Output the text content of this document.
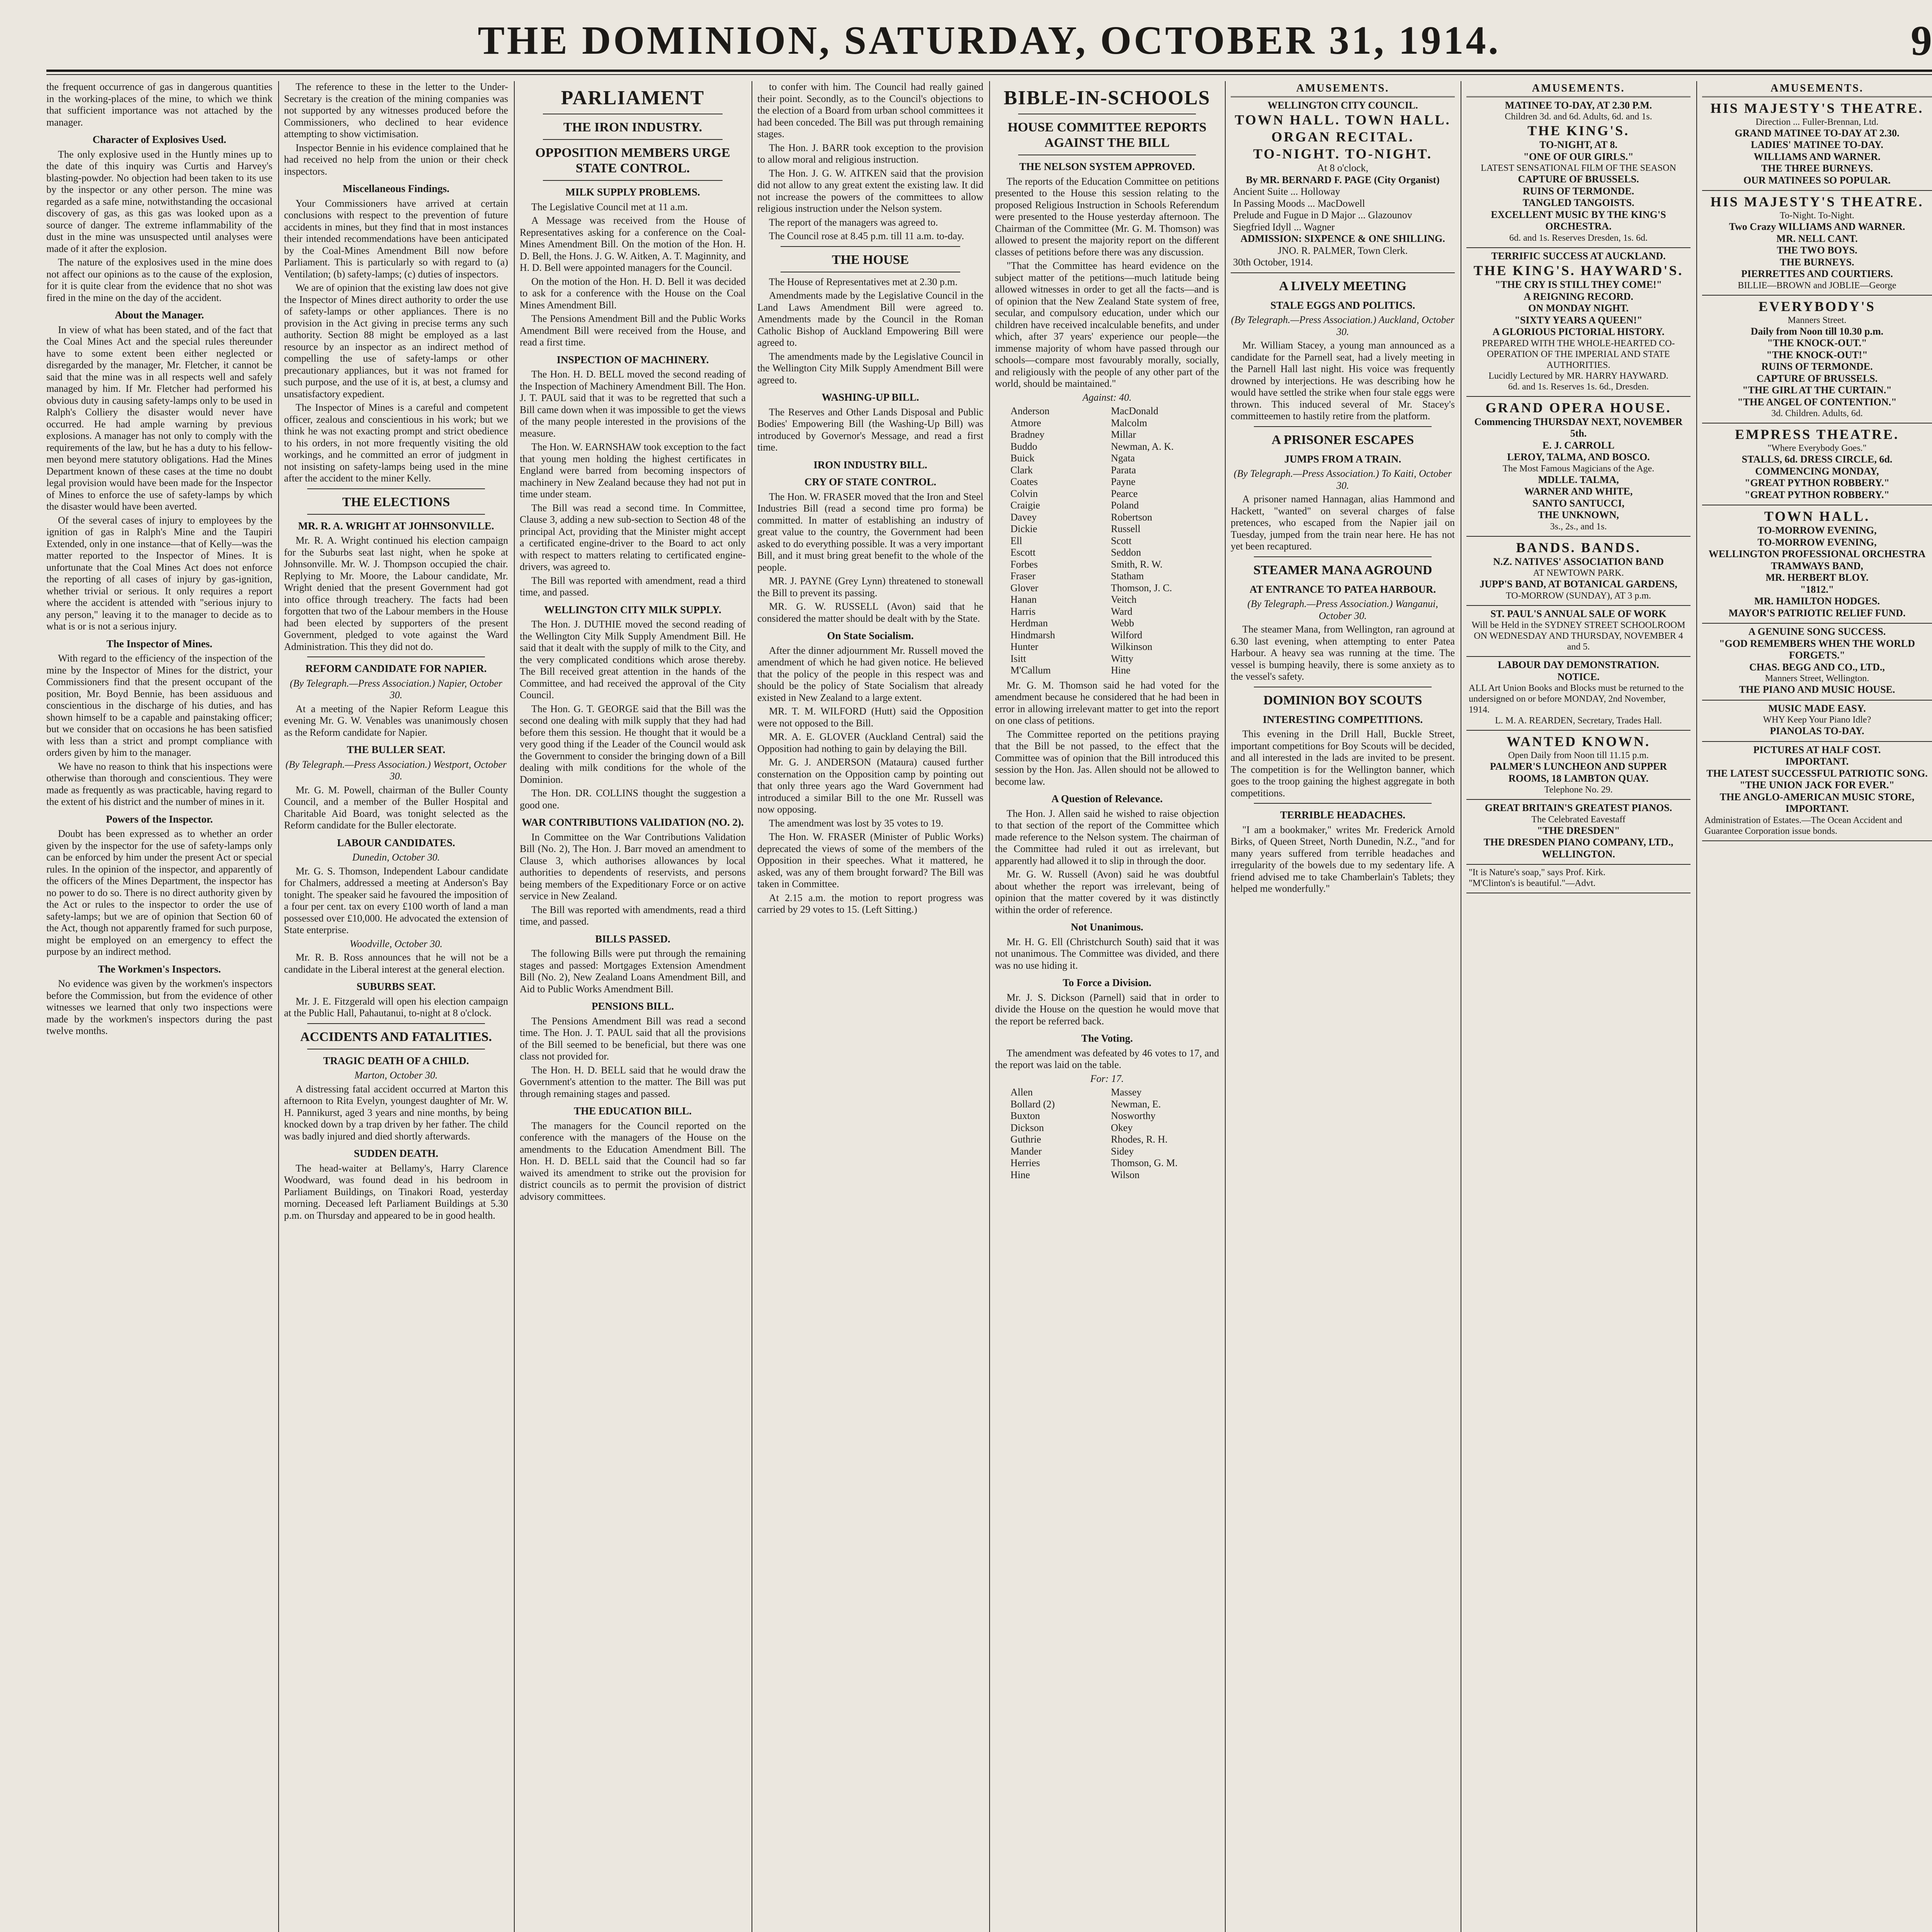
THE DOMINION, SATURDAY, OCTOBER 31, 1914.	9

the frequent occurrence of gas in dangerous quantities in the working-places of the mine, to which we think that sufficient importance was not attached by the manager.

Character of Explosives Used.

The only explosive used in the Huntly mines up to the date of this inquiry was Curtis and Harvey's blasting-powder. No objection had been taken to its use by the inspector or any other person. The mine was regarded as a safe mine, notwithstanding the occasional discovery of gas, as this gas was looked upon as a source of danger. The extreme inflammability of the dust in the mine was unsuspected until analyses were made of it after the explosion.

The nature of the explosives used in the mine does not affect our opinions as to the cause of the explosion, for it is quite clear from the evidence that no shot was fired in the mine on the day of the accident.

About the Manager.

In view of what has been stated, and of the fact that the Coal Mines Act and the special rules thereunder have to some extent been either neglected or disregarded by the manager, Mr. Fletcher, it cannot be said that the mine was in all respects well and safely managed by him. If Mr. Fletcher had performed his obvious duty in causing safety-lamps only to be used in Ralph's Colliery the disaster would never have occurred. He had ample warning by previous explosions. A manager has not only to comply with the requirements of the law, but he has a duty to his fellow-men beyond mere statutory obligations. Had the Mines Department known of these cases at the time no doubt legal provision would have been made for the Inspector of Mines to enforce the use of safety-lamps by which the disaster would have been averted.

Of the several cases of injury to employees by the ignition of gas in Ralph's Mine and the Taupiri Extended, only in one instance—that of Kelly—was the matter reported to the Inspector of Mines. It is unfortunate that the Coal Mines Act does not enforce the reporting of all cases of injury by gas-ignition, whether trivial or serious. It only requires a report where the accident is attended with "serious injury to any person," leaving it to the manager to decide as to what is or is not a serious injury.

The Inspector of Mines.

With regard to the efficiency of the inspection of the mine by the Inspector of Mines for the district, your Commissioners find that the present occupant of the position, Mr. Boyd Bennie, has been assiduous and conscientious in the discharge of his duties, and has shown himself to be a capable and painstaking officer; but we consider that on occasions he has been satisfied with less than a strict and prompt compliance with orders given by him to the manager.

We have no reason to think that his inspections were otherwise than thorough and conscientious. They were made as frequently as was practicable, having regard to the extent of his district and the number of mines in it.

Powers of the Inspector.

Doubt has been expressed as to whether an order given by the inspector for the use of safety-lamps only can be enforced by him under the present Act or special rules. In the opinion of the inspector, and apparently of the officers of the Mines Department, the inspector has no power to do so. There is no direct authority given by the Act or rules to the inspector to order the use of safety-lamps; but we are of opinion that Section 60 of the Act, though not apparently framed for such purpose, might be employed on an emergency to effect the purpose by an indirect method.

The Workmen's Inspectors.

No evidence was given by the workmen's inspectors before the Commission, but from the evidence of other witnesses we learned that only two inspections were made by the workmen's inspectors during the past twelve months.

The reference to these in the letter to the Under-Secretary is the creation of the mining companies was not supported by any witnesses produced before the Commissioners, who declined to hear evidence attempting to show victimisation.

Inspector Bennie in his evidence complained that he had received no help from the union or their check inspectors.

Miscellaneous Findings.

Your Commissioners have arrived at certain conclusions with respect to the prevention of future accidents in mines, but they find that in most instances their intended recommendations have been anticipated by the Coal-Mines Amendment Bill now before Parliament. This is particularly so with regard to (a) Ventilation; (b) safety-lamps; (c) duties of inspectors.

We are of opinion that the existing law does not give the Inspector of Mines direct authority to order the use of safety-lamps or other appliances. There is no provision in the Act giving in precise terms any such authority. Section 88 might be employed as a last resource by an inspector as an indirect method of compelling the use of safety-lamps or other precautionary appliances, but it was not framed for such purpose, and the use of it is, at best, a clumsy and unsatisfactory expedient.

The Inspector of Mines is a careful and competent officer, zealous and conscientious in his work; but we think he was not exacting prompt and strict obedience to his orders, in not more frequently visiting the old workings, and he committed an error of judgment in not insisting on safety-lamps being used in the mine after the accident to the miner Kelly.

THE ELECTIONS
MR. R. A. WRIGHT AT JOHNSONVILLE.

Mr. R. A. Wright continued his election campaign for the Suburbs seat last night, when he spoke at Johnsonville. Mr. W. J. Thompson occupied the chair. Replying to Mr. Moore, the Labour candidate, Mr. Wright denied that the present Government had got into office through treachery. The facts had been forgotten that two of the Labour members in the House had been elected by supporters of the present Government, pledged to vote against the Ward Administration. This they did not do.

REFORM CANDIDATE FOR NAPIER.

(By Telegraph.—Press Association.) Napier, October 30.

At a meeting of the Napier Reform League this evening Mr. G. W. Venables was unanimously chosen as the Reform candidate for Napier.

THE BULLER SEAT.

(By Telegraph.—Press Association.) Westport, October 30.

Mr. G. M. Powell, chairman of the Buller County Council, and a member of the Buller Hospital and Charitable Aid Board, was tonight selected as the Reform candidate for the Buller electorate.

LABOUR CANDIDATES.

Dunedin, October 30.

Mr. G. S. Thomson, Independent Labour candidate for Chalmers, addressed a meeting at Anderson's Bay tonight. The speaker said he favoured the imposition of a four per cent. tax on every £100 worth of land a man possessed over £10,000. He advocated the extension of State enterprise.

Woodville, October 30.

Mr. R. B. Ross announces that he will not be a candidate in the Liberal interest at the general election.

SUBURBS SEAT.

Mr. J. E. Fitzgerald will open his election campaign at the Public Hall, Pahautanui, to-night at 8 o'clock.

ACCIDENTS AND FATALITIES.
TRAGIC DEATH OF A CHILD.

Marton, October 30.

A distressing fatal accident occurred at Marton this afternoon to Rita Evelyn, youngest daughter of Mr. W. H. Pannikurst, aged 3 years and nine months, by being knocked down by a trap driven by her father. The child was badly injured and died shortly afterwards.

SUDDEN DEATH.

The head-waiter at Bellamy's, Harry Clarence Woodward, was found dead in his bedroom in Parliament Buildings, on Tinakori Road, yesterday morning. Deceased left Parliament Buildings at 5.30 p.m. on Thursday and appeared to be in good health.

PARLIAMENT
THE IRON INDUSTRY.
OPPOSITION MEMBERS URGE STATE CONTROL.
MILK SUPPLY PROBLEMS.

The Legislative Council met at 11 a.m.

A Message was received from the House of Representatives asking for a conference on the Coal-Mines Amendment Bill. On the motion of the Hon. H. D. Bell, the Hons. J. G. W. Aitken, A. T. Maginnity, and H. D. Bell were appointed managers for the Council.

On the motion of the Hon. H. D. Bell it was decided to ask for a conference with the House on the Coal Mines Amendment Bill.

The Pensions Amendment Bill and the Public Works Amendment Bill were received from the House, and read a first time.

INSPECTION OF MACHINERY.

The Hon. H. D. BELL moved the second reading of the Inspection of Machinery Amendment Bill. The Hon. J. T. PAUL said that it was to be regretted that such a Bill came down when it was impossible to get the views of the many people interested in the provisions of the measure.

The Hon. W. EARNSHAW took exception to the fact that young men holding the highest certificates in England were barred from becoming inspectors of machinery in New Zealand because they had not put in time under steam.

The Bill was read a second time. In Committee, Clause 3, adding a new sub-section to Section 48 of the principal Act, providing that the Minister might accept a certificated engine-driver to the Board to act only with respect to matters relating to certificated engine-drivers, was agreed to.

The Bill was reported with amendment, read a third time, and passed.

WELLINGTON CITY MILK SUPPLY.

The Hon. J. DUTHIE moved the second reading of the Wellington City Milk Supply Amendment Bill. He said that it dealt with the supply of milk to the City, and the very complicated conditions which arose thereby. The Bill received great attention in the hands of the Committee, and had received the approval of the City Council.

The Hon. G. T. GEORGE said that the Bill was the second one dealing with milk supply that they had had before them this session. He thought that it would be a very good thing if the Leader of the Council would ask the Government to consider the bringing down of a Bill dealing with milk conditions for the whole of the Dominion.

The Hon. DR. COLLINS thought the suggestion a good one.

WAR CONTRIBUTIONS VALIDATION (NO. 2).

In Committee on the War Contributions Validation Bill (No. 2), The Hon. J. Barr moved an amendment to Clause 3, which authorises allowances by local authorities to dependents of reservists, and persons being members of the Expeditionary Force or on active service in New Zealand.

The Bill was reported with amendments, read a third time, and passed.

BILLS PASSED.

The following Bills were put through the remaining stages and passed: Mortgages Extension Amendment Bill (No. 2), New Zealand Loans Amendment Bill, and Aid to Public Works Amendment Bill.

PENSIONS BILL.

The Pensions Amendment Bill was read a second time. The Hon. J. T. PAUL said that all the provisions of the Bill seemed to be beneficial, but there was one class not provided for.

The Hon. H. D. BELL said that he would draw the Government's attention to the matter. The Bill was put through remaining stages and passed.

THE EDUCATION BILL.

The managers for the Council reported on the conference with the managers of the House on the amendments to the Education Amendment Bill. The Hon. H. D. BELL said that the Council had so far waived its amendment to strike out the provision for district councils as to permit the provision of district advisory committees.

to confer with him. The Council had really gained their point. Secondly, as to the Council's objections to the election of a Board from urban school committees it had been conceded. The Bill was put through remaining stages.

The Hon. J. BARR took exception to the provision to allow moral and religious instruction.

The Hon. J. G. W. AITKEN said that the provision did not allow to any great extent the existing law. It did not increase the powers of the committees to allow religious instruction under the Nelson system.

The report of the managers was agreed to.

The Council rose at 8.45 p.m. till 11 a.m. to-day.

THE HOUSE

The House of Representatives met at 2.30 p.m.

Amendments made by the Legislative Council in the Land Laws Amendment Bill were agreed to. Amendments made by the Council in the Roman Catholic Bishop of Auckland Empowering Bill were agreed to.

The amendments made by the Legislative Council in the Wellington City Milk Supply Amendment Bill were agreed to.

WASHING-UP BILL.

The Reserves and Other Lands Disposal and Public Bodies' Empowering Bill (the Washing-Up Bill) was introduced by Governor's Message, and read a first time.

IRON INDUSTRY BILL.
CRY OF STATE CONTROL.

The Hon. W. FRASER moved that the Iron and Steel Industries Bill (read a second time pro forma) be committed. In matter of establishing an industry of great value to the country, the Government had been asked to do everything possible. It was a very important Bill, and it must bring great benefit to the whole of the people.

MR. J. PAYNE (Grey Lynn) threatened to stonewall the Bill to prevent its passing.

MR. G. W. RUSSELL (Avon) said that he considered the matter should be dealt with by the State.

On State Socialism.

After the dinner adjournment Mr. Russell moved the amendment of which he had given notice. He believed that the policy of the people in this respect was and should be the policy of State Socialism that already existed in New Zealand to a large extent.

MR. T. M. WILFORD (Hutt) said the Opposition were not opposed to the Bill.

MR. A. E. GLOVER (Auckland Central) said the Opposition had nothing to gain by delaying the Bill.

Mr. G. J. ANDERSON (Mataura) caused further consternation on the Opposition camp by pointing out that only three years ago the Ward Government had introduced a similar Bill to the one Mr. Russell was now opposing.

The amendment was lost by 35 votes to 19.

The Hon. W. FRASER (Minister of Public Works) deprecated the views of some of the members of the Opposition in their speeches. What it mattered, he asked, was any of them brought forward? The Bill was taken in Committee.

At 2.15 a.m. the motion to report progress was carried by 29 votes to 15. (Left Sitting.)

BIBLE-IN-SCHOOLS
HOUSE COMMITTEE REPORTS AGAINST THE BILL
THE NELSON SYSTEM APPROVED.

The reports of the Education Committee on petitions presented to the House this session relating to the proposed Religious Instruction in Schools Referendum were presented to the House yesterday afternoon. The Chairman of the Committee (Mr. G. M. Thomson) was allowed to present the majority report on the different classes of petitions before there was any discussion.

"That the Committee has heard evidence on the subject matter of the petitions—much latitude being allowed witnesses in order to get all the facts—and is of opinion that the New Zealand State system of free, secular, and compulsory education, under which our children have received incalculable benefits, and under which, after 37 years' experience our people—the immense majority of whom have passed through our schools—compare most favourably morally, socially, and religiously with the people of any other part of the world, should be maintained."

Against: 40.

Anderson
Atmore
Bradney
Buddo
Buick
Clark
Coates
Colvin
Craigie
Davey
Dickie
Ell
Escott
Forbes
Fraser
Glover
Hanan
Harris
Herdman
Hindmarsh
Hunter
Isitt
M'Callum
MacDonald
Malcolm
Millar
Newman, A. K.
Ngata
Parata
Payne
Pearce
Poland
Robertson
Russell
Scott
Seddon
Smith, R. W.
Statham
Thomson, J. C.
Veitch
Ward
Webb
Wilford
Wilkinson
Witty
Hine

Mr. G. M. Thomson said he had voted for the amendment because he considered that he had been in error in allowing irrelevant matter to get into the report on one class of petitions.

The Committee reported on the petitions praying that the Bill be not passed, to the effect that the Committee was of opinion that the Bill introduced this session by the Hon. Jas. Allen should not be allowed to become law.

A Question of Relevance.

The Hon. J. Allen said he wished to raise objection to that section of the report of the Committee which made reference to the Nelson system. The chairman of the Committee had ruled it out as irrelevant, but apparently had allowed it to slip in through the door.

Mr. G. W. Russell (Avon) said he was doubtful about whether the report was irrelevant, being of opinion that the matter covered by it was distinctly within the order of reference.

Not Unanimous.

Mr. H. G. Ell (Christchurch South) said that it was not unanimous. The Committee was divided, and there was no use hiding it.

To Force a Division.

Mr. J. S. Dickson (Parnell) said that in order to divide the House on the question he would move that the report be referred back.

The Voting.

The amendment was defeated by 46 votes to 17, and the report was laid on the table.

For: 17.

Allen
Bollard (2)
Buxton
Dickson
Guthrie
Mander
Herries
Hine
Massey
Newman, E.
Nosworthy
Okey
Rhodes, R. H.
Sidey
Thomson, G. M.
Wilson
AMUSEMENTS.
WELLINGTON CITY COUNCIL.
TOWN HALL. TOWN HALL.
ORGAN RECITAL.
TO-NIGHT. TO-NIGHT.
At 8 o'clock,
By MR. BERNARD F. PAGE (City Organist)
Ancient Suite ... Holloway
In Passing Moods ... MacDowell
Prelude and Fugue in D Major ... Glazounov
Siegfried Idyll ... Wagner
ADMISSION: SIXPENCE & ONE SHILLING.
JNO. R. PALMER, Town Clerk.
30th October, 1914.
A LIVELY MEETING
STALE EGGS AND POLITICS.

(By Telegraph.—Press Association.) Auckland, October 30.

Mr. William Stacey, a young man announced as a candidate for the Parnell seat, had a lively meeting in the Parnell Hall last night. His voice was frequently drowned by interjections. He was describing how he would have settled the strike when four stale eggs were thrown. This induced several of Mr. Stacey's committeemen to hastily retire from the platform.

A PRISONER ESCAPES
JUMPS FROM A TRAIN.

(By Telegraph.—Press Association.) To Kaiti, October 30.

A prisoner named Hannagan, alias Hammond and Hackett, "wanted" on several charges of false pretences, who escaped from the Napier jail on Tuesday, jumped from the train near here. He has not yet been recaptured.

STEAMER MANA AGROUND
AT ENTRANCE TO PATEA HARBOUR.

(By Telegraph.—Press Association.) Wanganui, October 30.

The steamer Mana, from Wellington, ran aground at 6.30 last evening, when attempting to enter Patea Harbour. A heavy sea was running at the time. The vessel is bumping heavily, there is some anxiety as to the vessel's safety.

DOMINION BOY SCOUTS
INTERESTING COMPETITIONS.

This evening in the Drill Hall, Buckle Street, important competitions for Boy Scouts will be decided, and all interested in the lads are invited to be present. The competition is for the Wellington banner, which goes to the troop gaining the highest aggregate in both competitions.

TERRIBLE HEADACHES.

"I am a bookmaker," writes Mr. Frederick Arnold Birks, of Queen Street, North Dunedin, N.Z., "and for many years suffered from terrible headaches and irregularity of the bowels due to my sedentary life. A friend advised me to take Chamberlain's Tablets; they helped me wonderfully."

AMUSEMENTS.
MATINEE TO-DAY, AT 2.30 P.M.
Children 3d. and 6d. Adults, 6d. and 1s.
THE KING'S.
TO-NIGHT, AT 8.
"ONE OF OUR GIRLS."
LATEST SENSATIONAL FILM OF THE SEASON
CAPTURE OF BRUSSELS.
RUINS OF TERMONDE.
TANGLED TANGOISTS.
EXCELLENT MUSIC BY THE KING'S ORCHESTRA.
6d. and 1s. Reserves Dresden, 1s. 6d.
TERRIFIC SUCCESS AT AUCKLAND.
THE KING'S. HAYWARD'S.
"THE CRY IS STILL THEY COME!"
A REIGNING RECORD.
ON MONDAY NIGHT.
"SIXTY YEARS A QUEEN!"
A GLORIOUS PICTORIAL HISTORY.
PREPARED WITH THE WHOLE-HEARTED CO-OPERATION OF THE IMPERIAL AND STATE AUTHORITIES.
Lucidly Lectured by MR. HARRY HAYWARD.
6d. and 1s. Reserves 1s. 6d., Dresden.
GRAND OPERA HOUSE.
Commencing THURSDAY NEXT, NOVEMBER 5th.
E. J. CARROLL
LEROY, TALMA, AND BOSCO.
The Most Famous Magicians of the Age.
MDLLE. TALMA,
WARNER AND WHITE,
SANTO SANTUCCI,
THE UNKNOWN,
3s., 2s., and 1s.
BANDS. BANDS.
N.Z. NATIVES' ASSOCIATION BAND
AT NEWTOWN PARK.
JUPP'S BAND, AT BOTANICAL GARDENS,
TO-MORROW (SUNDAY), AT 3 p.m.
ST. PAUL'S ANNUAL SALE OF WORK
Will be Held in the SYDNEY STREET SCHOOLROOM
ON WEDNESDAY AND THURSDAY, NOVEMBER 4 and 5.
LABOUR DAY DEMONSTRATION.
NOTICE.
ALL Art Union Books and Blocks must be returned to the undersigned on or before MONDAY, 2nd November, 1914.
L. M. A. REARDEN, Secretary, Trades Hall.
WANTED KNOWN.
Open Daily from Noon till 11.15 p.m.
PALMER'S LUNCHEON AND SUPPER ROOMS, 18 LAMBTON QUAY.
Telephone No. 29.
GREAT BRITAIN'S GREATEST PIANOS.
The Celebrated Eavestaff
"THE DRESDEN"
THE DRESDEN PIANO COMPANY, LTD., WELLINGTON.
"It is Nature's soap," says Prof. Kirk.
"M'Clinton's is beautiful."—Advt.
AMUSEMENTS.
HIS MAJESTY'S THEATRE.
Direction ... Fuller-Brennan, Ltd.
GRAND MATINEE TO-DAY AT 2.30.
LADIES' MATINEE TO-DAY.
WILLIAMS AND WARNER.
THE THREE BURNEYS.
OUR MATINEES SO POPULAR.
HIS MAJESTY'S THEATRE.
To-Night. To-Night.
Two Crazy WILLIAMS AND WARNER.
MR. NELL CANT.
THE TWO BOYS.
THE BURNEYS.
PIERRETTES AND COURTIERS.
BILLIE—BROWN and JOBLIE—George
EVERYBODY'S
Manners Street.
Daily from Noon till 10.30 p.m.
"THE KNOCK-OUT."
"THE KNOCK-OUT!"
RUINS OF TERMONDE.
CAPTURE OF BRUSSELS.
"THE GIRL AT THE CURTAIN."
"THE ANGEL OF CONTENTION."
3d. Children. Adults, 6d.
EMPRESS THEATRE.
"Where Everybody Goes."
STALLS, 6d. DRESS CIRCLE, 6d.
COMMENCING MONDAY,
"GREAT PYTHON ROBBERY."
"GREAT PYTHON ROBBERY."
TOWN HALL.
TO-MORROW EVENING,
TO-MORROW EVENING,
WELLINGTON PROFESSIONAL ORCHESTRA
TRAMWAYS BAND,
MR. HERBERT BLOY.
"1812."
MR. HAMILTON HODGES.
MAYOR'S PATRIOTIC RELIEF FUND.
A GENUINE SONG SUCCESS.
"GOD REMEMBERS WHEN THE WORLD FORGETS."
CHAS. BEGG AND CO., LTD.,
Manners Street, Wellington.
THE PIANO AND MUSIC HOUSE.
MUSIC MADE EASY.
WHY Keep Your Piano Idle?
PIANOLAS TO-DAY.
PICTURES AT HALF COST.
IMPORTANT.
THE LATEST SUCCESSFUL PATRIOTIC SONG.
"THE UNION JACK FOR EVER."
THE ANGLO-AMERICAN MUSIC STORE,
IMPORTANT.
Administration of Estates.—The Ocean Accident and Guarantee Corporation issue bonds.
